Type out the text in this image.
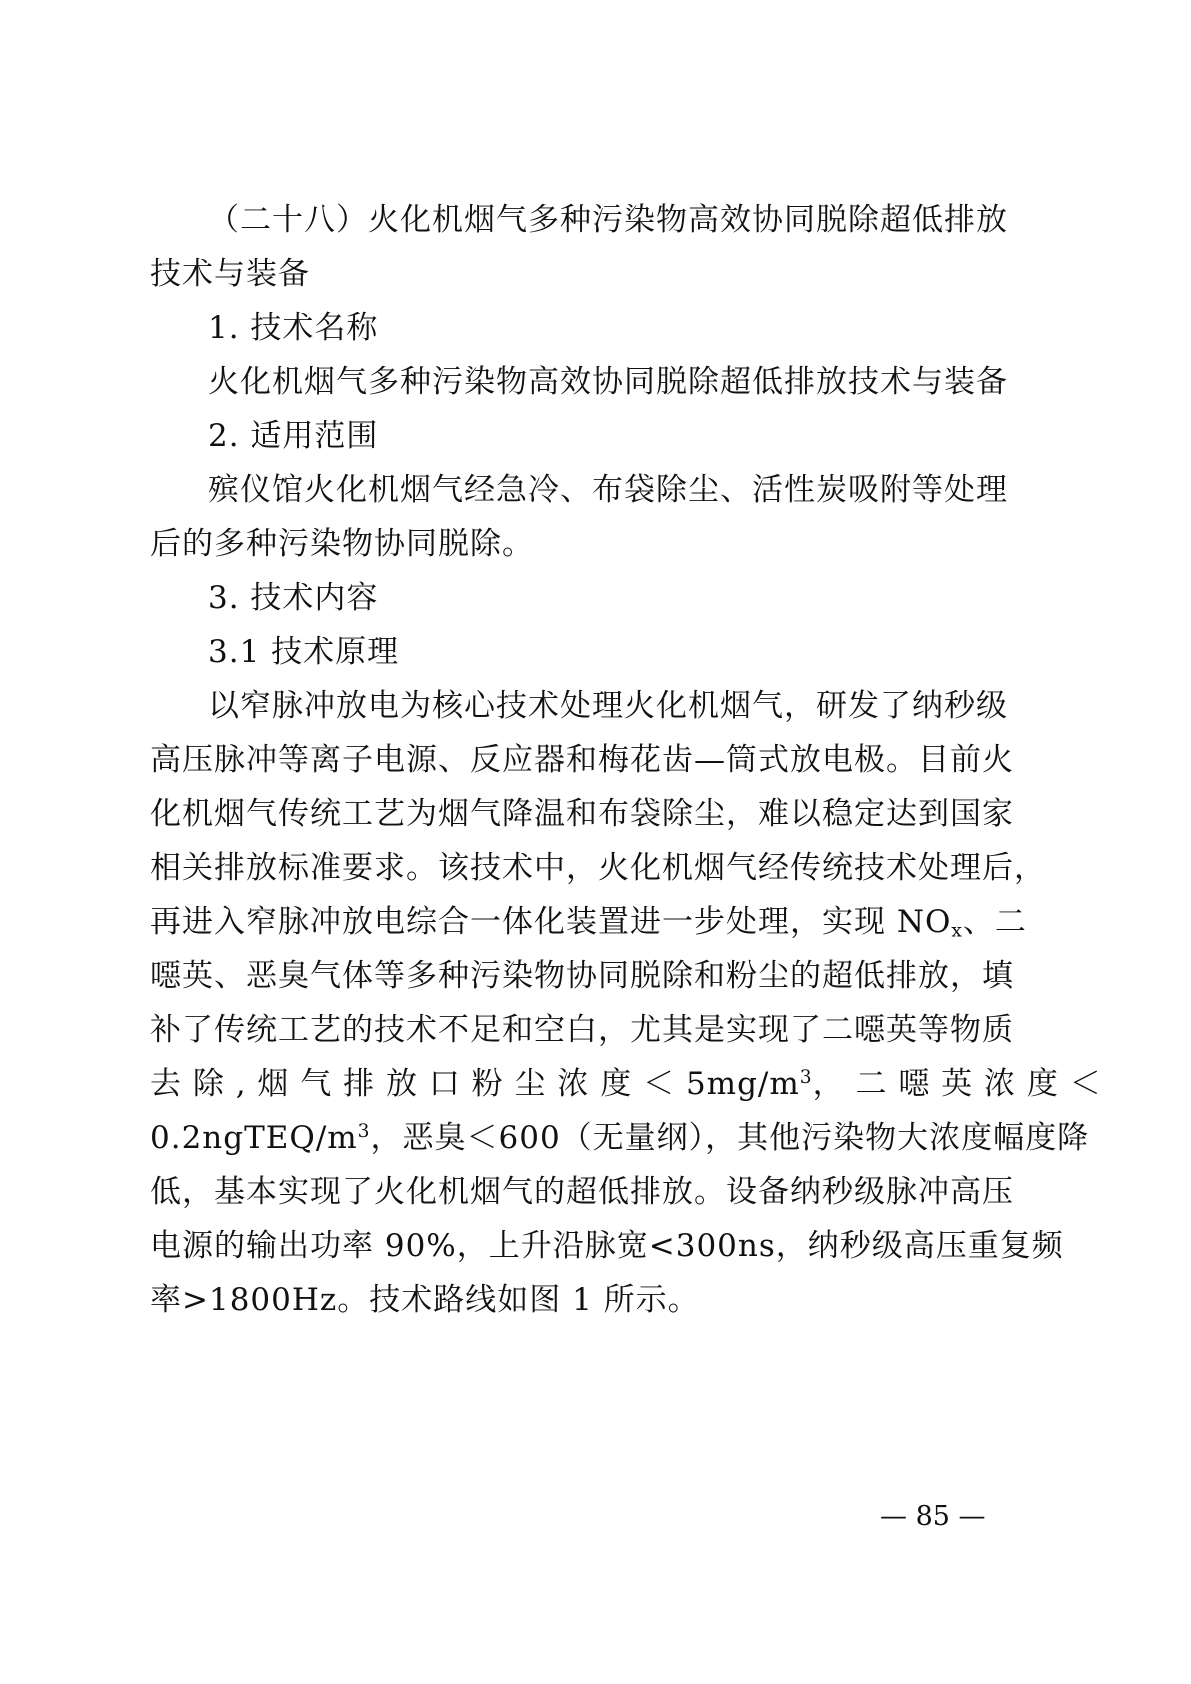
（二十八）火化机烟气多种污染物高效协同脱除超低排放
技术与装备
1. 技术名称
火化机烟气多种污染物高效协同脱除超低排放技术与装备
2. 适用范围
殡仪馆火化机烟气经急冷、布袋除尘、活性炭吸附等处理
后的多种污染物协同脱除。
3. 技术内容
3.1 技术原理
以窄脉冲放电为核心技术处理火化机烟气，研发了纳秒级
高压脉冲等离子电源、反应器和梅花齿—筒式放电极。目前火
化机烟气传统工艺为烟气降温和布袋除尘，难以稳定达到国家
相关排放标准要求。该技术中，火化机烟气经传统技术处理后，
再进入窄脉冲放电综合一体化装置进一步处理，实现 $NO_x$、二
噁英、恶臭气体等多种污染物协同脱除和粉尘的超低排放，填
补了传统工艺的技术不足和空白，尤其是实现了二噁英等物质
去 除 , 烟 气 排 放 口 粉 尘 浓 度 ＜ $5mg/m^3$， 二 噁 英 浓 度 ＜
$0.2ngTEQ/m^3$，恶臭＜600（无量纲），其他污染物大浓度幅度降
低，基本实现了火化机烟气的超低排放。设备纳秒级脉冲高压
电源的输出功率 90%，上升沿脉宽<300ns，纳秒级高压重复频
率>1800Hz。技术路线如图 1 所示。
— 85 —
